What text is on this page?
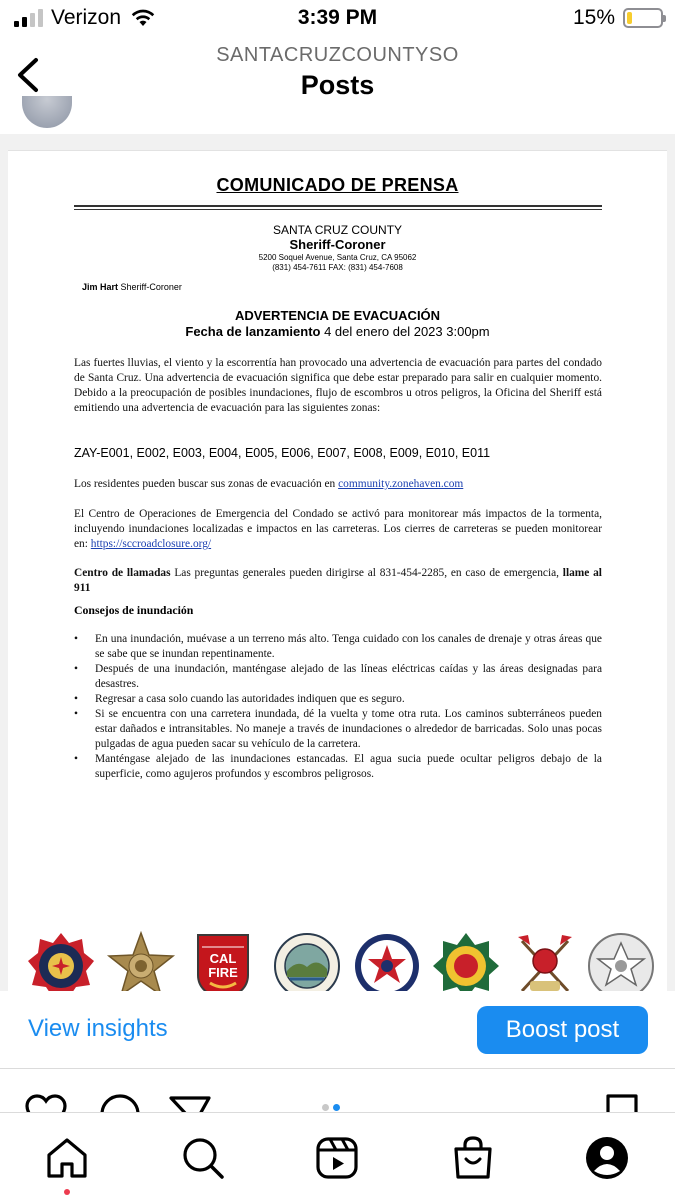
Verizon	3:39 PM	15%
SANTACRUZCOUNTYSO
Posts
COMUNICADO DE PRENSA
SANTA CRUZ COUNTY
Sheriff-Coroner
5200 Soquel Avenue, Santa Cruz, CA 95062
(831) 454-7611 FAX: (831) 454-7608
Jim Hart Sheriff-Coroner
ADVERTENCIA DE EVACUACIÓN
Fecha de lanzamiento 4 del enero del 2023 3:00pm
Las fuertes lluvias, el viento y la escorrentía han provocado una advertencia de evacuación para partes del condado de Santa Cruz. Una advertencia de evacuación significa que debe estar preparado para salir en cualquier momento. Debido a la preocupación de posibles inundaciones, flujo de escombros u otros peligros, la Oficina del Sheriff está emitiendo una advertencia de evacuación para las siguientes zonas:
ZAY-E001, E002, E003, E004, E005, E006, E007, E008, E009, E010, E011
Los residentes pueden buscar sus zonas de evacuación en community.zonehaven.com
El Centro de Operaciones de Emergencia del Condado se activó para monitorear más impactos de la tormenta, incluyendo inundaciones localizadas e impactos en las carreteras. Los cierres de carreteras se pueden monitorear en: https://sccroadclosure.org/
Centro de llamadas Las preguntas generales pueden dirigirse al 831-454-2285, en caso de emergencia, llame al 911
Consejos de inundación
• En una inundación, muévase a un terreno más alto. Tenga cuidado con los canales de drenaje y otras áreas que se sabe que se inundan repentinamente.
• Después de una inundación, manténgase alejado de las líneas eléctricas caídas y las áreas designadas para desastres.
• Regresar a casa solo cuando las autoridades indiquen que es seguro.
• Si se encuentra con una carretera inundada, dé la vuelta y tome otra ruta. Los caminos subterráneos pueden estar dañados e intransitables. No maneje a través de inundaciones o alrededor de barricadas. Solo unas pocas pulgadas de agua pueden sacar su vehículo de la carretera.
• Manténgase alejado de las inundaciones estancadas. El agua sucia puede ocultar peligros debajo de la superficie, como agujeros profundos y escombros peligrosos.
CAL
FIRE
View insights	Boost post
